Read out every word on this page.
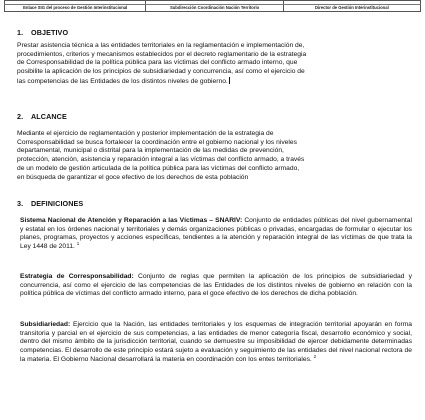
Enlace SIG del proceso de Gestión Interinstitucional	Subdirección Coordinación Nación Territorio	Director de Gestión Interinstitucional
1. OBJETIVO
Prestar asistencia técnica a las entidades territoriales en la reglamentación e implementación de,
procedimientos, criterios y mecanismos establecidos por el decreto reglamentario de la estrategia
de Corresponsabilidad de la política pública para las víctimas del conflicto armado interno, que
posibilite la aplicación de los principios de subsidiariedad y concurrencia, así como el ejercicio de
las competencias de las Entidades de los distintos niveles de gobierno.
2. ALCANCE
Mediante el ejercicio de reglamentación y posterior implementación de la estrategia de
Corresponsabilidad se busca fortalecer la coordinación entre el gobierno nacional y los niveles
departamental, municipal o distrital para la implementación de las medidas de prevención,
protección, atención, asistencia y reparación integral a las víctimas del conflicto armado, a través
de un modelo de gestión articulada de la política pública para las víctimas del conflicto armado,
en búsqueda de garantizar el goce efectivo de los derechos de esta población
3. DEFINICIONES
Sistema Nacional de Atención y Reparación a las Víctimas – SNARIV: Conjunto de entidades públicas del nivel gubernamental y estatal en los órdenes nacional y territoriales y demás organizaciones públicas o privadas, encargadas de formular o ejecutar los planes, programas, proyectos y acciones específicas, tendientes a la atención y reparación integral de las víctimas de que trata la Ley 1448 de 2011. $^1$
Estrategia de Corresponsabilidad: Conjunto de reglas que permiten la aplicación de los principios de subsidiariedad y concurrencia, así como el ejercicio de las competencias de las Entidades de los distintos niveles de gobierno en relación con la política pública de víctimas del conflicto armado interno, para el goce efectivo de los derechos de dicha población.
Subsidiariedad: Ejercicio que la Nación, las entidades territoriales y los esquemas de integración territorial apoyarán en forma transitoria y parcial en el ejercicio de sus competencias, a las entidades de menor categoría fiscal, desarrollo económico y social, dentro del mismo ámbito de la jurisdicción territorial, cuando se demuestre su imposibilidad de ejercer debidamente determinadas competencias. El desarrollo de este principio estará sujeto a evaluación y seguimiento de las entidades del nivel nacional rectora de la materia. El Gobierno Nacional desarrollará la materia en coordinación con los entes territoriales. $^2$
